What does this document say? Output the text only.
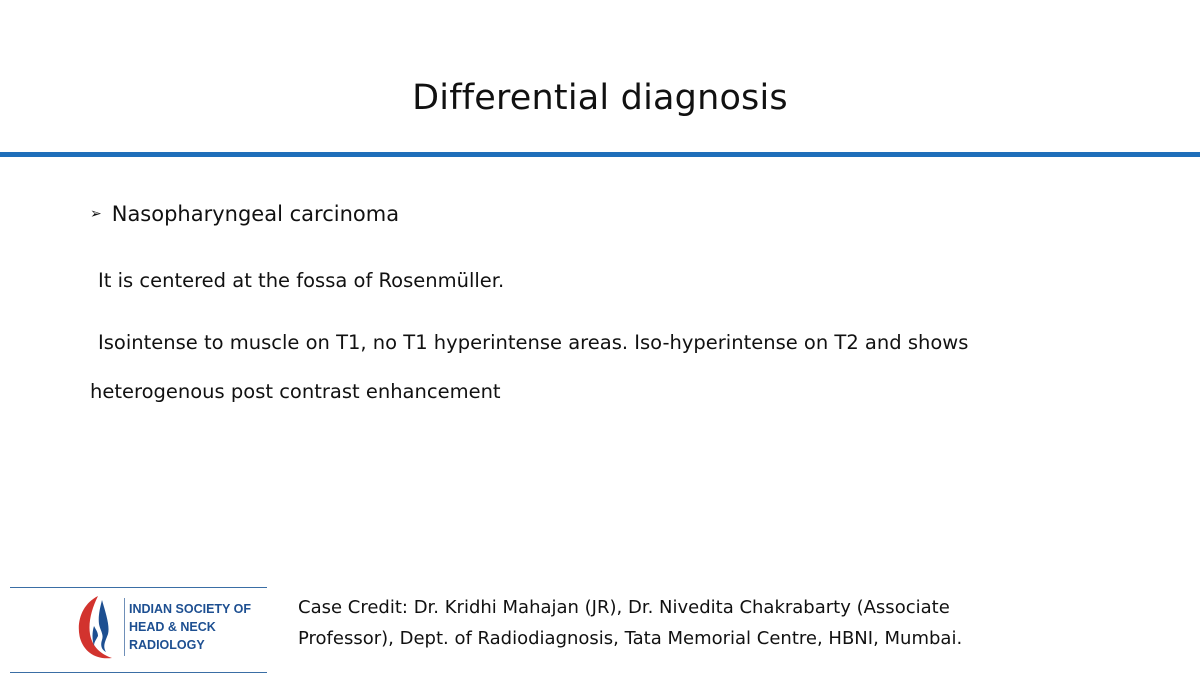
Differential diagnosis
➢ Nasopharyngeal carcinoma

It is centered at the fossa of Rosenmüller.

Isointense to muscle on T1, no T1 hyperintense areas. Iso-hyperintense on T2 and shows
heterogenous post contrast enhancement

INDIAN SOCIETY OF
HEAD & NECK
RADIOLOGY
Case Credit: Dr. Kridhi Mahajan (JR), Dr. Nivedita Chakrabarty (Associate
Professor), Dept. of Radiodiagnosis, Tata Memorial Centre, HBNI, Mumbai.
